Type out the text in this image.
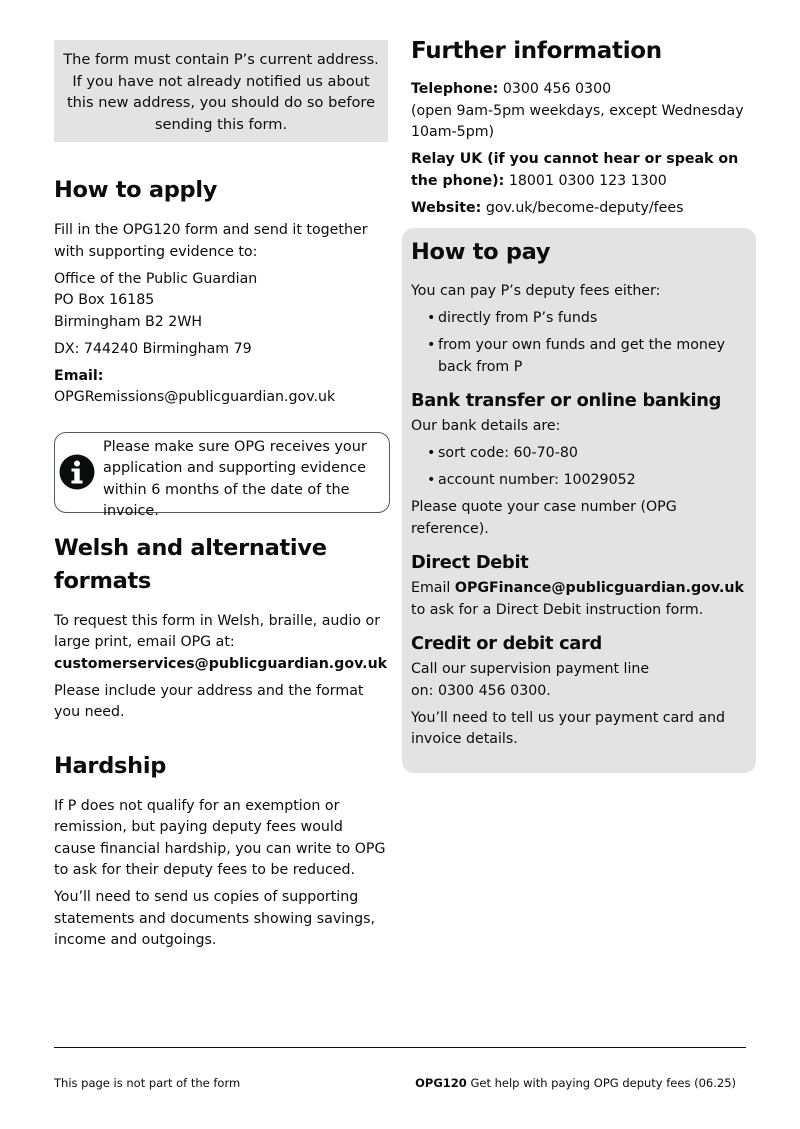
The form must contain P’s current address. If you have not already notified us about this new address, you should do so before sending this form.
How to apply

Fill in the OPG120 form and send it together with supporting evidence to:

Office of the Public Guardian
PO Box 16185
Birmingham B2 2WH

DX: 744240 Birmingham 79

Email: OPGRemissions@publicguardian.gov.uk

Please make sure OPG receives your application and supporting evidence within 6 months of the date of the invoice.
Welsh and alternative formats

To request this form in Welsh, braille, audio or large print, email OPG at:
customerservices@publicguardian.gov.uk

Please include your address and the format you need.

Hardship

If P does not qualify for an exemption or remission, but paying deputy fees would cause financial hardship, you can write to OPG to ask for their deputy fees to be reduced.

You’ll need to send us copies of supporting statements and documents showing savings, income and outgoings.

Further information

Telephone: 0300 456 0300
(open 9am-5pm weekdays, except Wednesday 10am-5pm)

Relay UK (if you cannot hear or speak on the phone): 18001 0300 123 1300

Website: gov.uk/become-deputy/fees

How to pay

You can pay P’s deputy fees either:

• directly from P’s funds
• from your own funds and get the money back from P
Bank transfer or online banking

Our bank details are:

• sort code: 60-70-80
• account number: 10029052

Please quote your case number (OPG reference).

Direct Debit

Email OPGFinance@publicguardian.gov.uk to ask for a Direct Debit instruction form.

Credit or debit card

Call our supervision payment line on: 0300 456 0300.

You’ll need to tell us your payment card and invoice details.

This page is not part of the form	OPG120 Get help with paying OPG deputy fees (06.25)
